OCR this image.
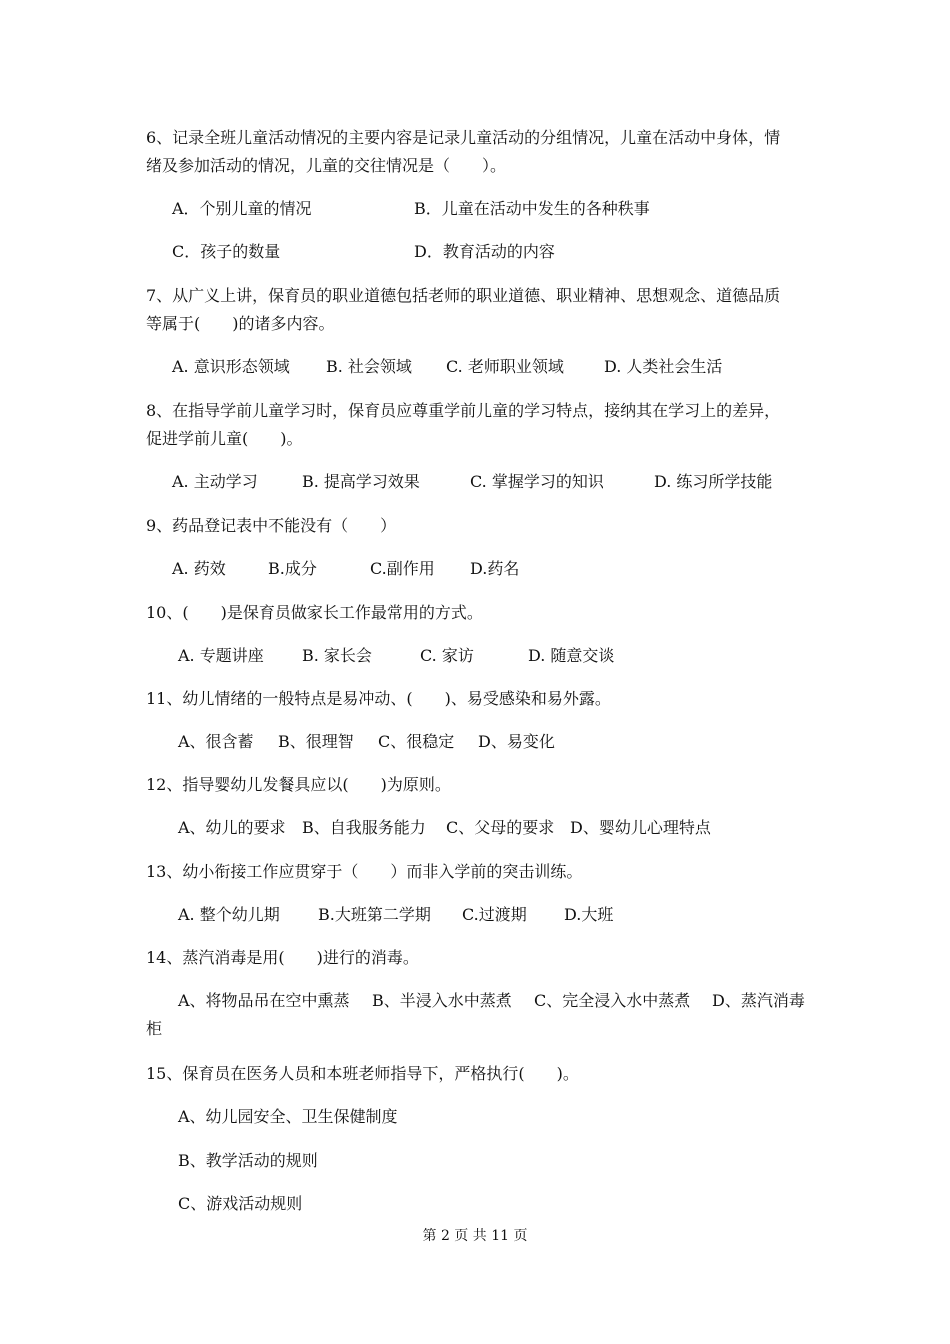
6、记录全班儿童活动情况的主要内容是记录儿童活动的分组情况，儿童在活动中身体，情
绪及参加活动的情况，儿童的交往情况是（　　）。
A．个别儿童的情况	B．儿童在活动中发生的各种秩事
C．孩子的数量	D．教育活动的内容
7、从广义上讲，保育员的职业道德包括老师的职业道德、职业精神、思想观念、道德品质
等属于(　　)的诸多内容。
A. 意识形态领域 B. 社会领域 C. 老师职业领域	D. 人类社会生活
8、在指导学前儿童学习时，保育员应尊重学前儿童的学习特点，接纳其在学习上的差异，
促进学前儿童(　　)。
A. 主动学习	B. 提高学习效果	C. 掌握学习的知识	D. 练习所学技能
9、药品登记表中不能没有（　　）
A. 药效	B.成分	C.副作用 D.药名
10、(　　)是保育员做家长工作最常用的方式。
A. 专题讲座 B. 家长会	C. 家访	D. 随意交谈
11、幼儿情绪的一般特点是易冲动、(　　)、易受感染和易外露。
A、很含蓄 B、很理智 C、很稳定 D、易变化
12、指导婴幼儿发餐具应以(　　)为原则。
A、幼儿的要求 B、自我服务能力 C、父母的要求 D、婴幼儿心理特点
13、幼小衔接工作应贯穿于（　　）而非入学前的突击训练。
A. 整个幼儿期 B.大班第二学期 C.过渡期 D.大班
14、蒸汽消毒是用(　　)进行的消毒。
A、将物品吊在空中熏蒸 B、半浸入水中蒸煮 C、完全浸入水中蒸煮 D、蒸汽消毒
柜
15、保育员在医务人员和本班老师指导下，严格执行(　　)。
A、幼儿园安全、卫生保健制度
B、教学活动的规则
C、游戏活动规则
第 2 页 共 11 页
